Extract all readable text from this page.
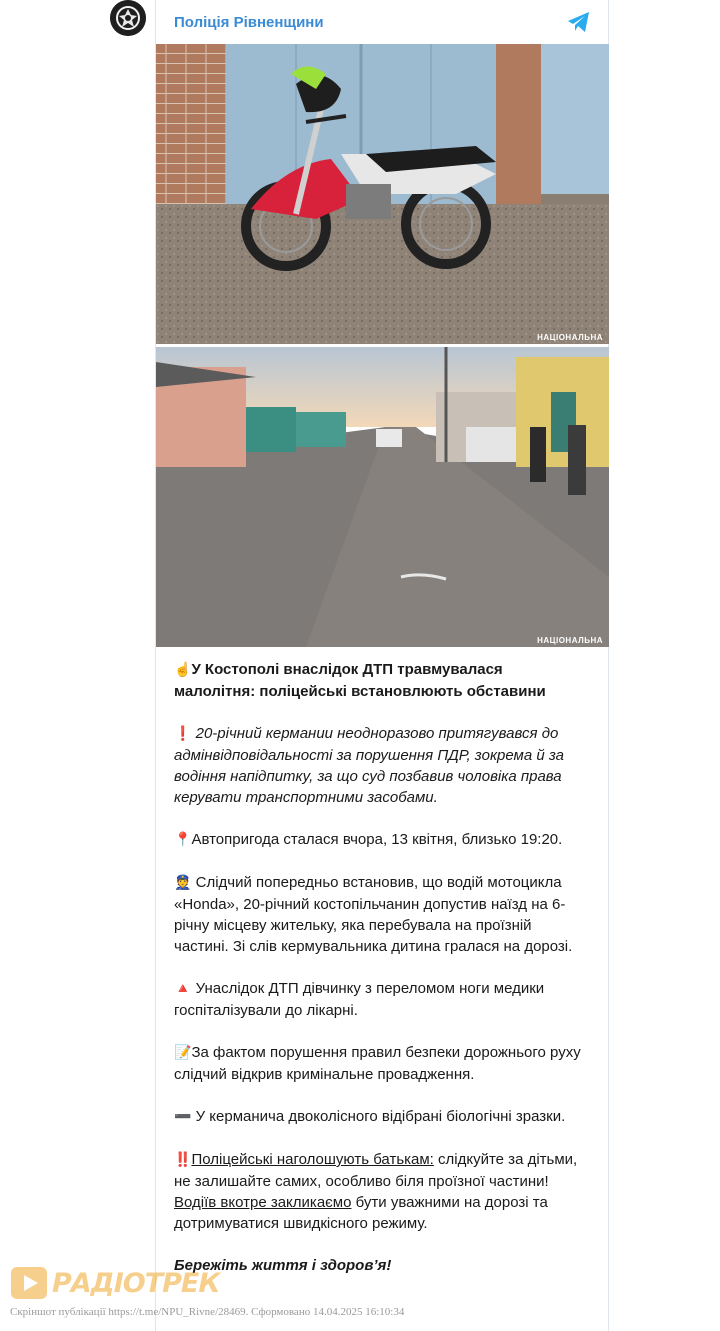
Поліція Рівненщини
НАЦІОНАЛЬНА
НАЦІОНАЛЬНА

☝️У Костополі внаслідок ДТП травмувалася малолітня: поліцейські встановлюють обставини

❗ 20-річний кермании неодноразово притягувався до адмінвідповідальності за порушення ПДР, зокрема й за водіння напідпитку, за що суд позбавив чоловіка права керувати транспортними засобами.

📍Автопригода сталася вчора, 13 квітня, близько 19:20.

👮 Слідчий попередньо встановив, що водій мотоцикла «Honda», 20-річний костопільчанин допустив наїзд на 6-річну місцеву жительку, яка перебувала на проїзній частині. Зі слів кермувальника дитина гралася на дорозі.

🔺 Унаслідок ДТП дівчинку з переломом ноги медики госпіталізували до лікарні.

📝За фактом порушення правил безпеки дорожнього руху слідчий відкрив кримінальне провадження.

➖ У керманича двоколісного відібрані біологічні зразки.

‼️Поліцейські наголошують батькам: слідкуйте за дітьми, не залишайте самих, особливо біля проїзної частини! Водіїв вкотре закликаємо бути уважними на дорозі та дотримуватися швидкісного режиму.

Бережіть життя і здоров’я!

РАДІОТРЕК
Скріншот публікації https://t.me/NPU_Rivne/28469. Сформовано 14.04.2025 16:10:34
